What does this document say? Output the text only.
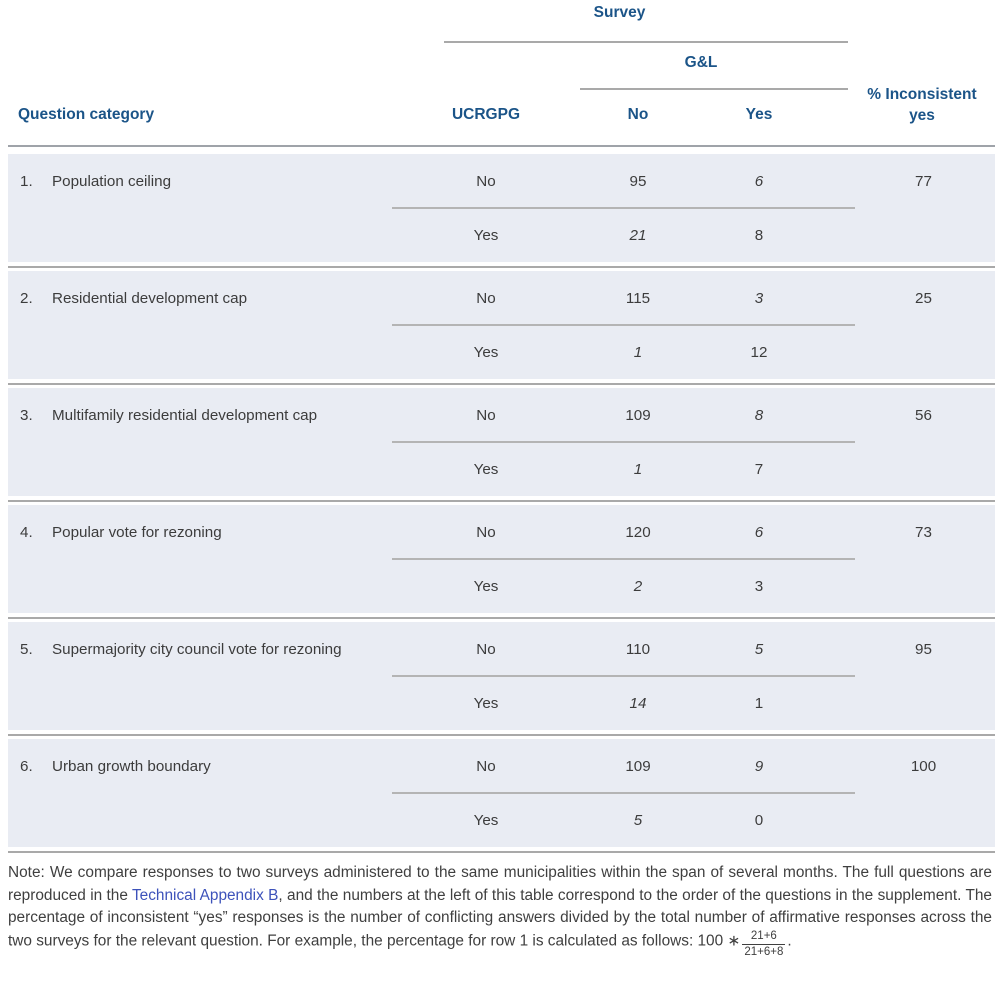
Survey
G&L
Question category	UCRGPG	No	Yes
% Inconsistent
yes
1.	Population ceiling	No	95	6	77
Yes	21	8
2.	Residential development cap	No	115	3	25
Yes	1	12
3.	Multifamily residential development cap	No	109	8	56
Yes	1	7
4.	Popular vote for rezoning	No	120	6	73
Yes	2	3
5.	Supermajority city council vote for rezoning	No	110	5	95
Yes	14	1
6.	Urban growth boundary	No	109	9	100
Yes	5	0
Note: We compare responses to two surveys administered to the same municipalities within the span of several months. The full questions are reproduced in the Technical Appendix B, and the numbers at the left of this table correspond to the order of the questions in the supplement. The percentage of inconsistent “yes” responses is the number of conflicting answers divided by the total number of affirmative responses across the two surveys for the relevant question. For example, the percentage for row 1 is calculated as follows: 100 ∗ $\frac{21+6}{21+6+8}$ .
